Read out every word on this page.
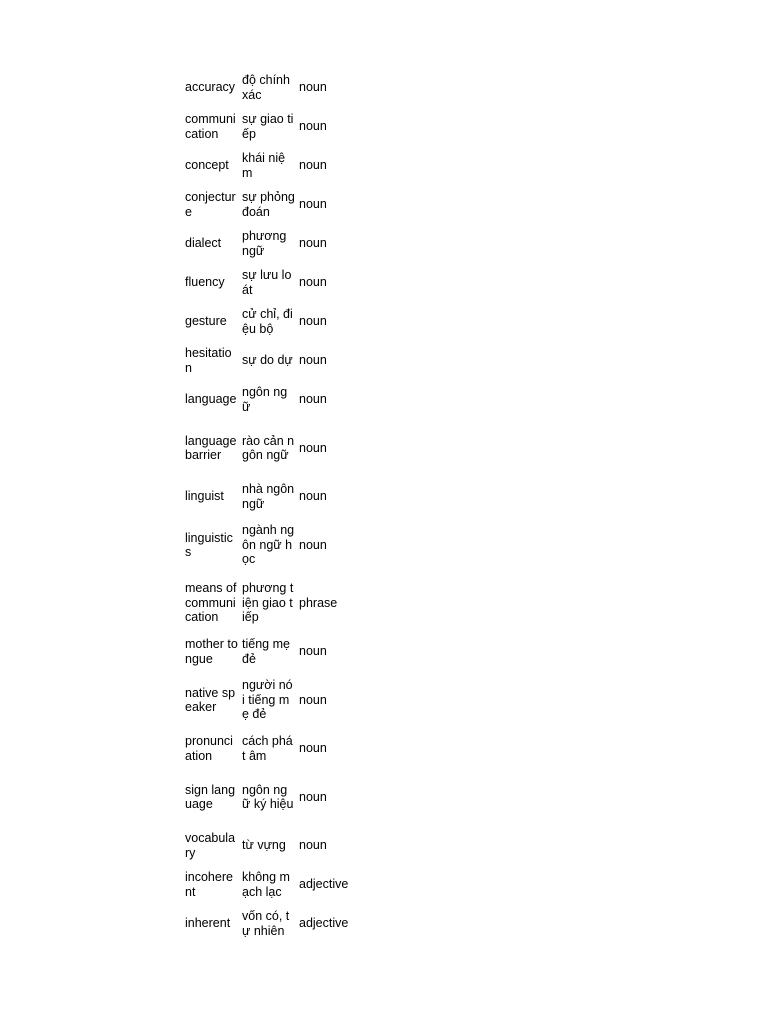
accuracy	độ chính xác	noun
communication	sự giao tiếp	noun
concept	khái niệm	noun
conjecture	sự phỏng đoán	noun
dialect	phương ngữ	noun
fluency	sự lưu loát	noun
gesture	cử chỉ, điệu bộ	noun
hesitation	sự do dự	noun
language	ngôn ngữ	noun
language barrier	rào cản ngôn ngữ	noun
linguist	nhà ngôn ngữ	noun
linguistics	ngành ngôn ngữ học	noun
means of communication	phương tiện giao tiếp	phrase
mother tongue	tiếng mẹ đẻ	noun
native speaker	người nói tiếng mẹ đẻ	noun
pronunciation	cách phát âm	noun
sign language	ngôn ngữ ký hiệu	noun
vocabulary	từ vựng	noun
incoherent	không mạch lạc	adjective
inherent	vốn có, tự nhiên	adjective
